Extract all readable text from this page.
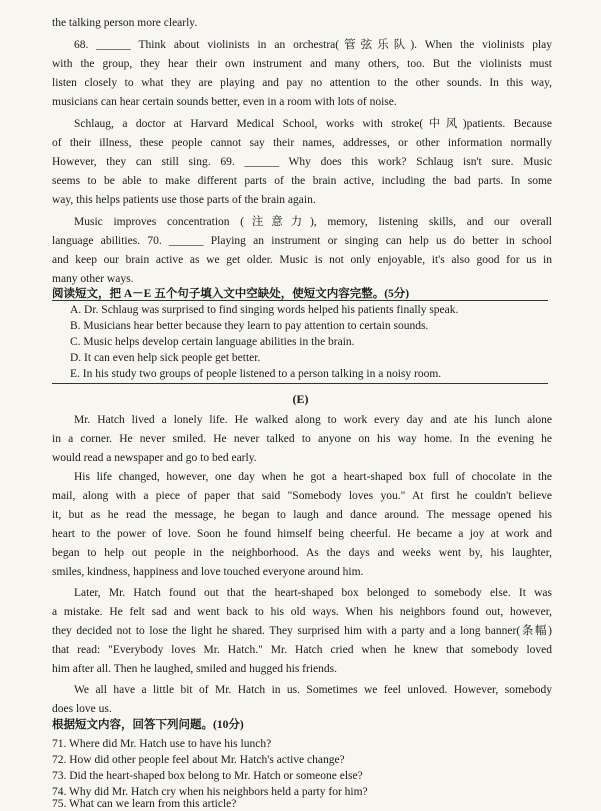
the talking person more clearly.
68. ______ Think about violinists in an orchestra(管弦乐队). When the violinists play
with the group, they hear their own instrument and many others, too. But the violinists must
listen closely to what they are playing and pay no attention to the other sounds. In this way,
musicians can hear certain sounds better, even in a room with lots of noise.
Schlaug, a doctor at Harvard Medical School, works with stroke(中风)patients. Because
of their illness, these people cannot say their names, addresses, or other information normally
However, they can still sing. 69. ______ Why does this work? Schlaug isn't sure. Music
seems to be able to make different parts of the brain active, including the bad parts. In some
way, this helps patients use those parts of the brain again.
Music improves concentration (注意力), memory, listening skills, and our overall
language abilities. 70. ______ Playing an instrument or singing can help us do better in school
and keep our brain active as we get older. Music is not only enjoyable, it's also good for us in
many other ways.
阅读短文，把 A－E 五个句子填入文中空缺处，使短文内容完整。(5分)
A. Dr. Schlaug was surprised to find singing words helped his patients finally speak.
B. Musicians hear better because they learn to pay attention to certain sounds.
C. Music helps develop certain language abilities in the brain.
D. It can even help sick people get better.
E. In his study two groups of people listened to a person talking in a noisy room.
(E)
Mr. Hatch lived a lonely life. He walked along to work every day and ate his lunch alone
in a corner. He never smiled. He never talked to anyone on his way home. In the evening he
would read a newspaper and go to bed early.
His life changed, however, one day when he got a heart-shaped box full of chocolate in the
mail, along with a piece of paper that said "Somebody loves you." At first he couldn't believe
it, but as he read the message, he began to laugh and dance around. The message opened his
heart to the power of love. Soon he found himself being cheerful. He became a joy at work and
began to help out people in the neighborhood. As the days and weeks went by, his laughter,
smiles, kindness, happiness and love touched everyone around him.
Later, Mr. Hatch found out that the heart-shaped box belonged to somebody else. It was
a mistake. He felt sad and went back to his old ways. When his neighbors found out, however,
they decided not to lose the light he shared. They surprised him with a party and a long banner(条幅)
that read: "Everybody loves Mr. Hatch." Mr. Hatch cried when he knew that somebody loved
him after all. Then he laughed, smiled and hugged his friends.
We all have a little bit of Mr. Hatch in us. Sometimes we feel unloved. However, somebody
does love us.
根据短文内容，回答下列问题。(10分)
71. Where did Mr. Hatch use to have his lunch?
72. How did other people feel about Mr. Hatch's active change?
73. Did the heart-shaped box belong to Mr. Hatch or someone else?
74. Why did Mr. Hatch cry when his neighbors held a party for him?
75. What can we learn from this article?
